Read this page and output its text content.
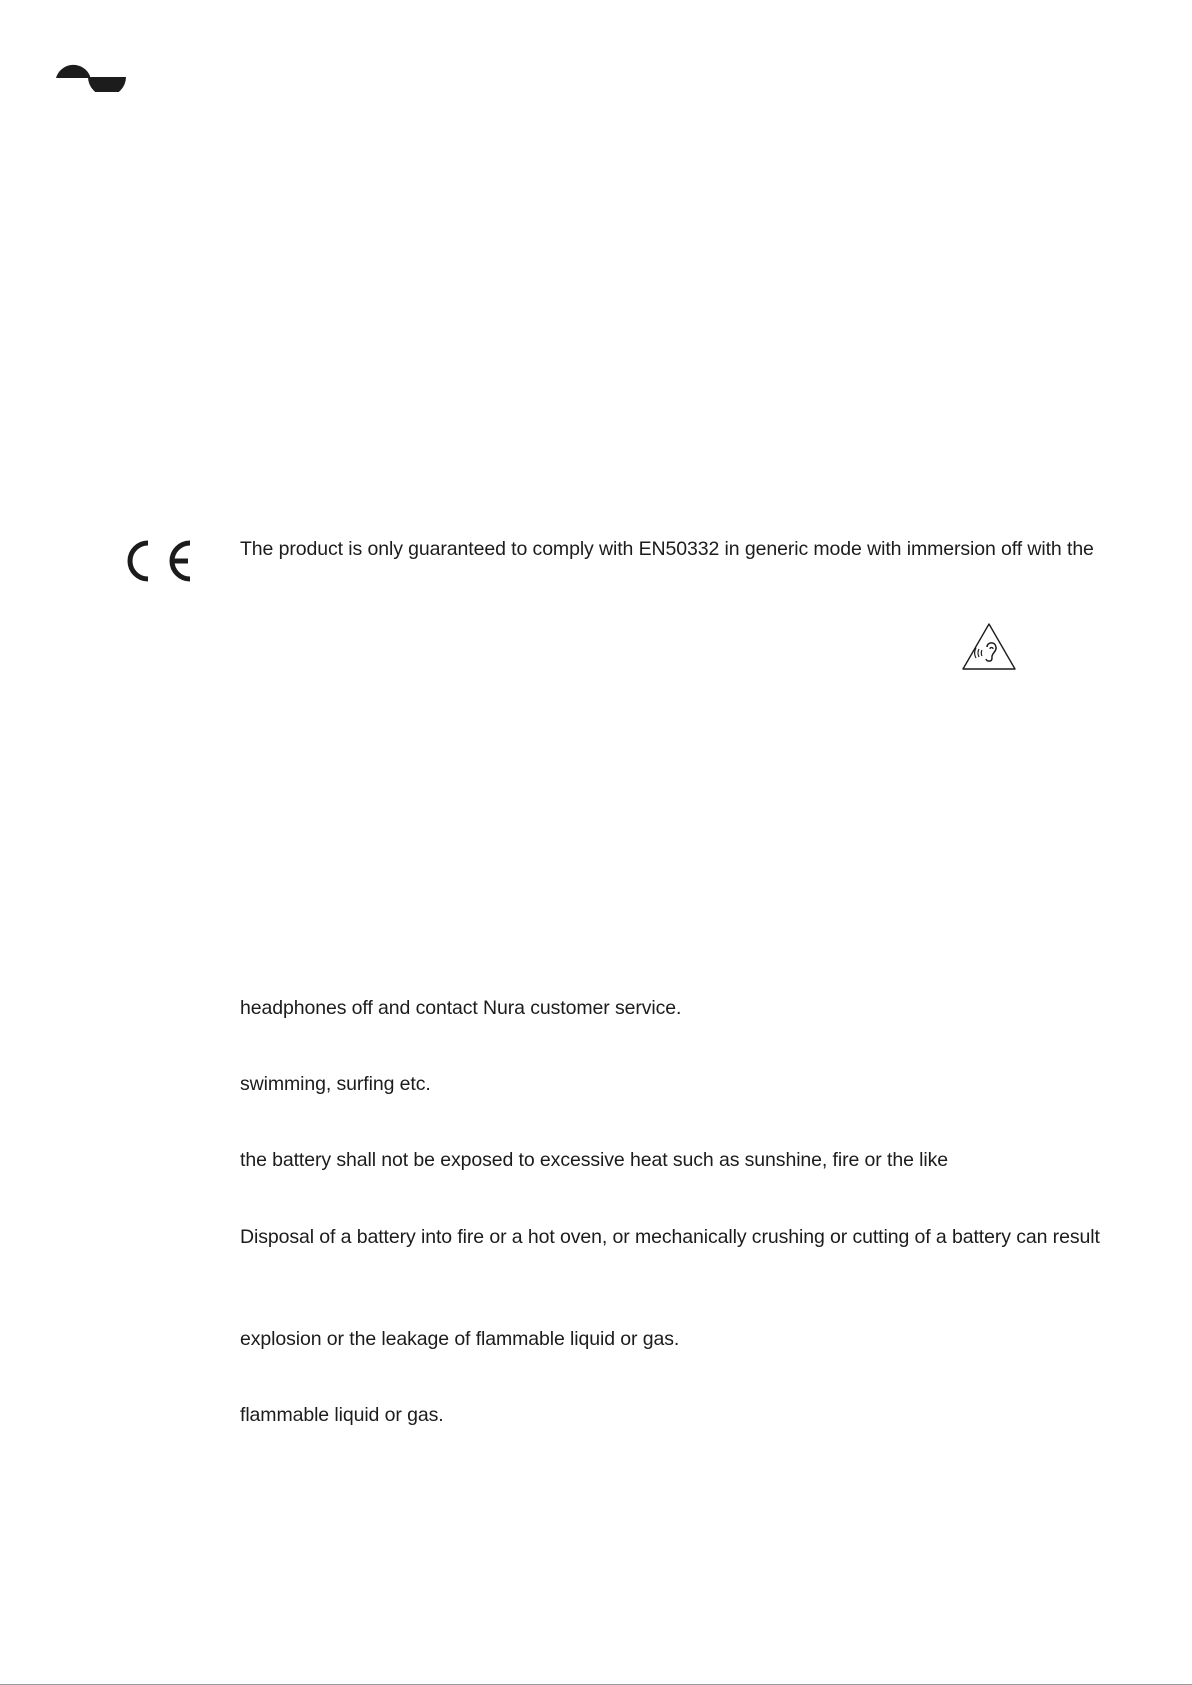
The product is only guaranteed to comply with EN50332 in generic mode with immersion off with the
headphones off and contact Nura customer service.
swimming, surfing etc.
the battery shall not be exposed to excessive heat such as sunshine, fire or the like
Disposal of a battery into fire or a hot oven, or mechanically crushing or cutting of a battery can result
explosion or the leakage of flammable liquid or gas.
flammable liquid or gas.
